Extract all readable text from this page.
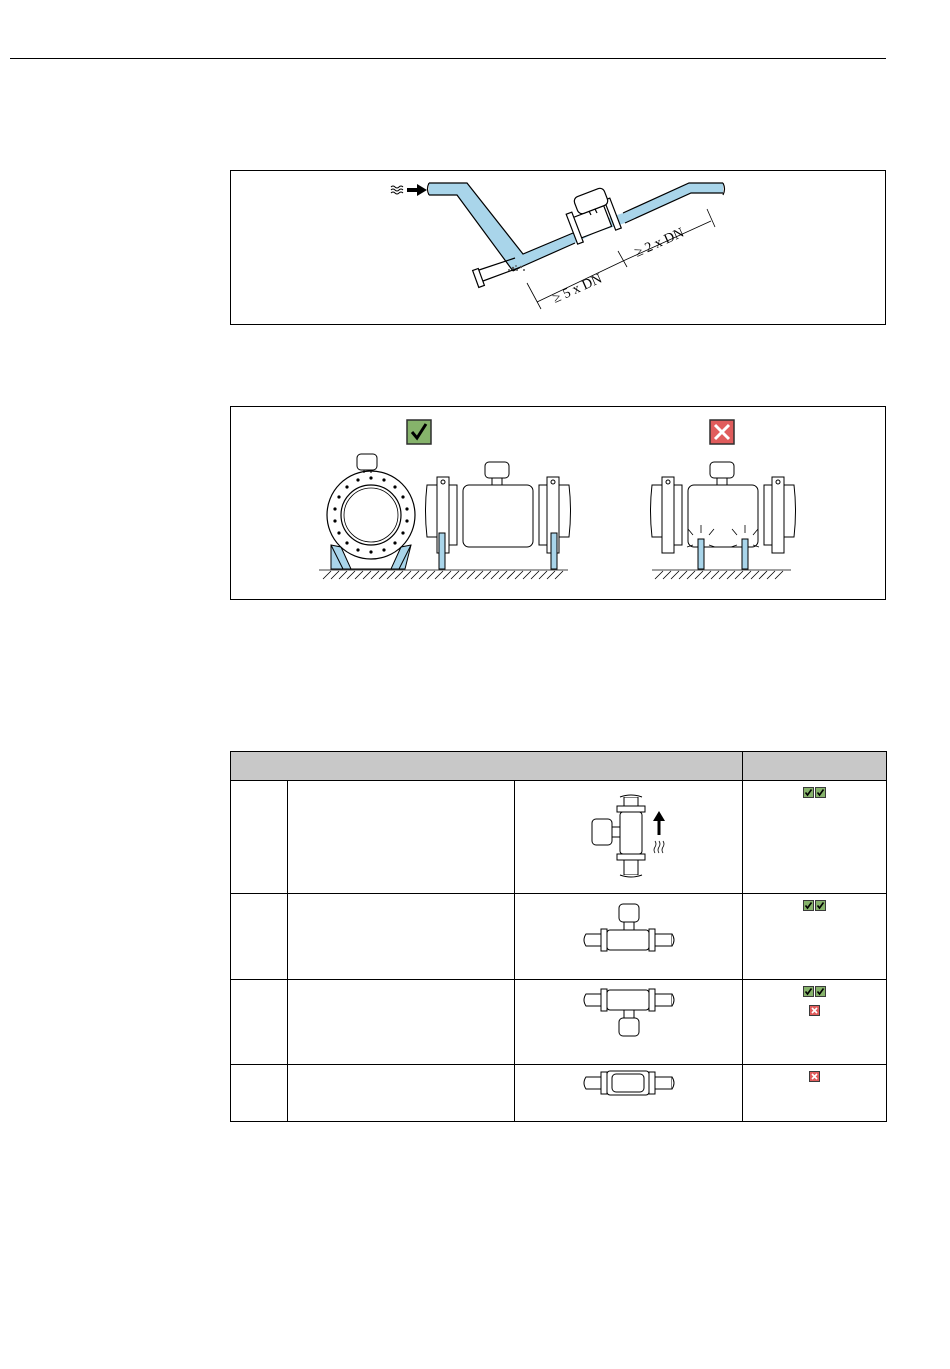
≥ 5 x DN
≥ 2 x DN
